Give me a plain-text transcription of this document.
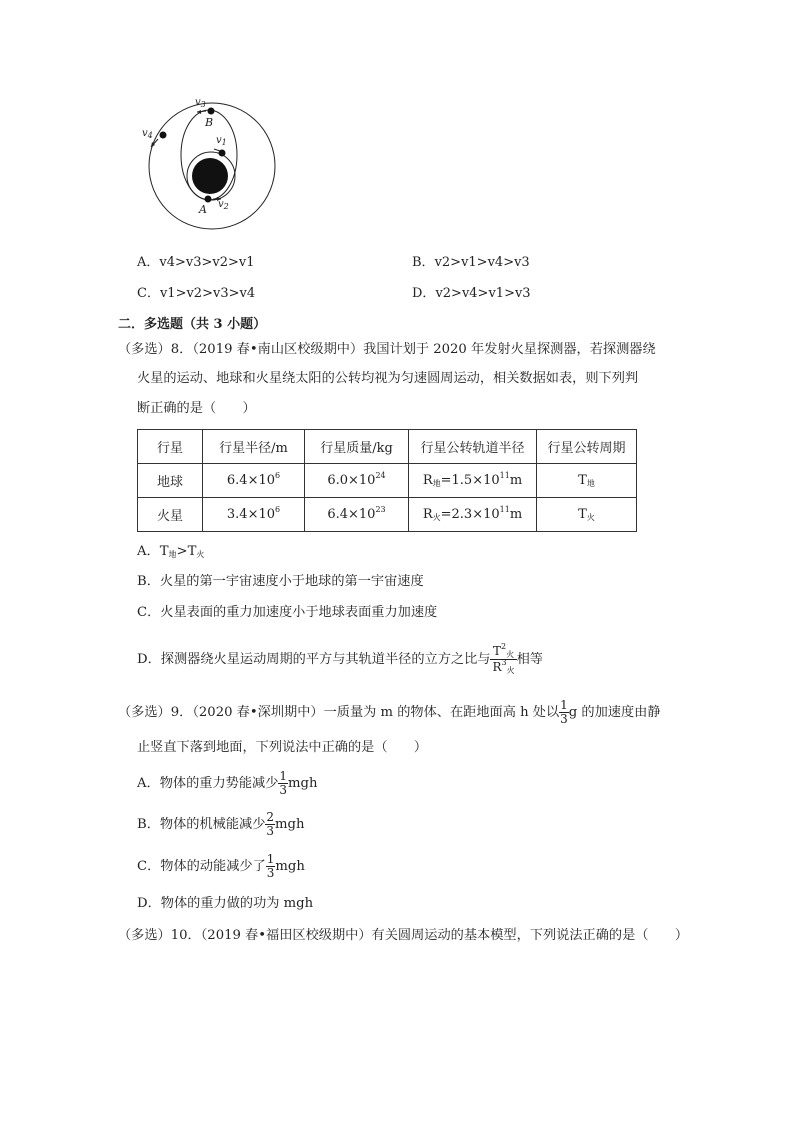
$v_3$
B
$v_4$	$v_1$
A $v_2$
A．v4>v3>v2>v1	B．v2>v1>v4>v3
C．v1>v2>v3>v4	D．v2>v4>v1>v3
二．多选题（共 3 小题）
（多选）8．（2019 春•南山区校级期中）我国计划于 2020 年发射火星探测器，若探测器绕
火星的运动、地球和火星绕太阳的公转均视为匀速圆周运动，相关数据如表，则下列判
断正确的是（　　）
行星	行星半径/m	行星质量/kg	行星公转轨道半径	行星公转周期
地球	$6.4\times 10^6$	$6.0\times 10^{24}$	$R_地=1.5\times 10^{11}m$	$T_地$
火星	$3.4\times 10^6$	$6.4\times 10^{23}$	$R_火=2.3\times 10^{11}m$	$T_火$
A．$T_地>T_火$
B．火星的第一宇宙速度小于地球的第一宇宙速度
C．火星表面的重力加速度小于地球表面重力加速度
D．探测器绕火星运动周期的平方与其轨道半径的立方之比与 $\frac{T^2_火}{R^3_火}$ 相等
（多选）9．（2020 春•深圳期中）一质量为 m 的物体、在距地面高 h 处以 $\frac{1}{3}$ g 的加速度由静
止竖直下落到地面，下列说法中正确的是（　　）
A．物体的重力势能减少 $\frac{1}{3}$ mgh
B．物体的机械能减少 $\frac{2}{3}$ mgh
C．物体的动能减少了 $\frac{1}{3}$ mgh
D．物体的重力做的功为 mgh
（多选）10．（2019 春•福田区校级期中）有关圆周运动的基本模型，下列说法正确的是（　　）
